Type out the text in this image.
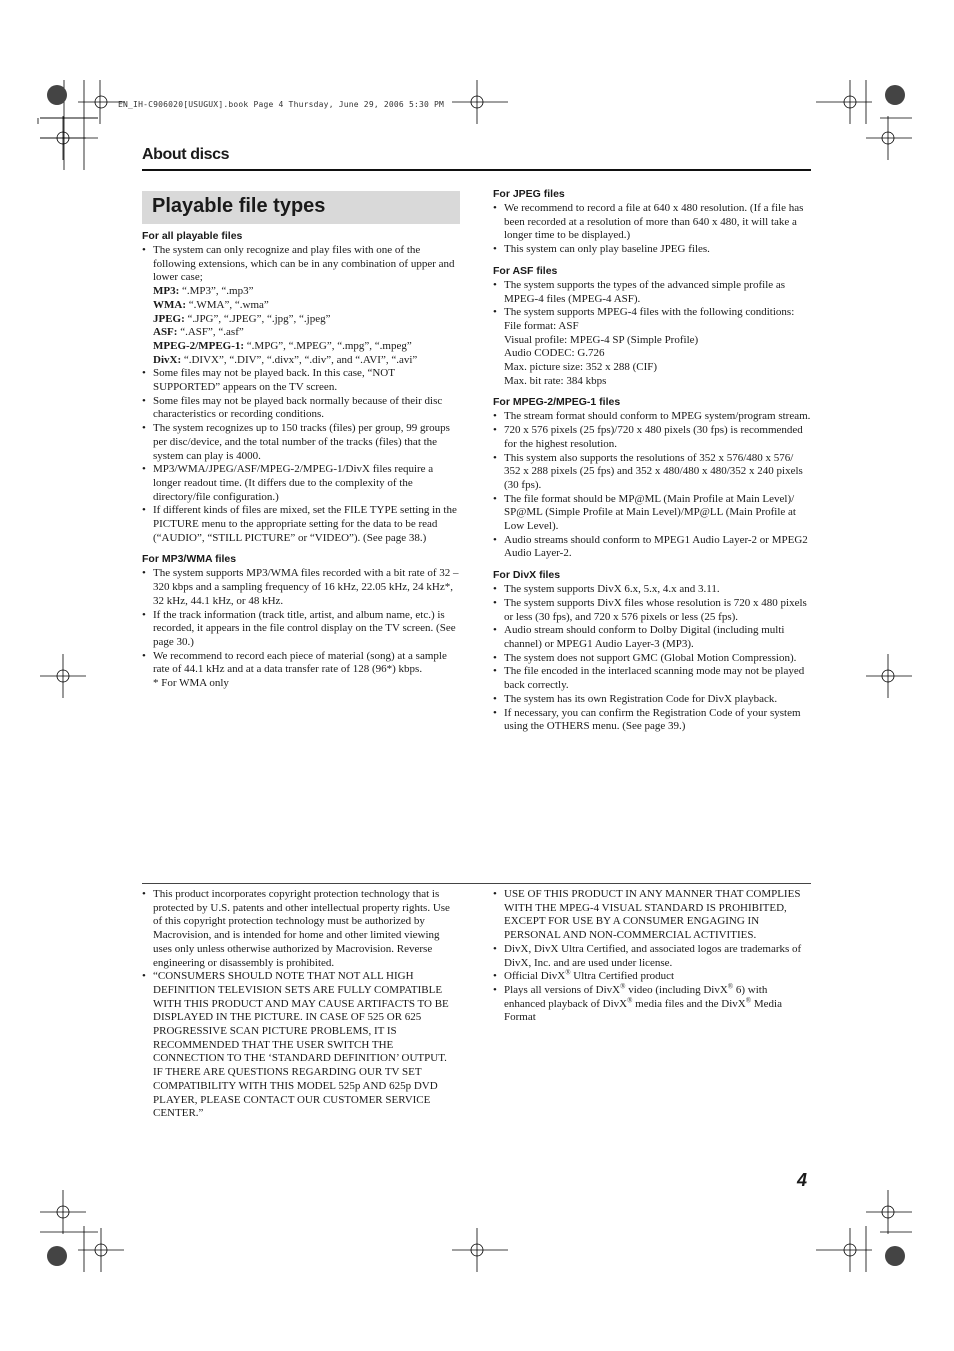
EN_IH-C906020[USUGUX].book Page 4 Thursday, June 29, 2006 5:30 PM
About discs
Playable file types
For all playable files
• The system can only recognize and play files with one of the following extensions, which can be in any combination of upper and lower case;
MP3: “.MP3”, “.mp3”
WMA: “.WMA”, “.wma”
JPEG: “.JPG”, “.JPEG”, “.jpg”, “.jpeg”
ASF: “.ASF”, “.asf”
MPEG-2/MPEG-1: “.MPG”, “.MPEG”, “.mpg”, “.mpeg”
DivX: “.DIVX”, “.DIV”, “.divx”, “.div”, and “.AVI”, “.avi”
• Some files may not be played back. In this case, “NOT SUPPORTED” appears on the TV screen.
• Some files may not be played back normally because of their disc characteristics or recording conditions.
• The system recognizes up to 150 tracks (files) per group, 99 groups per disc/device, and the total number of the tracks (files) that the system can play is 4000.
• MP3/WMA/JPEG/ASF/MPEG-2/MPEG-1/DivX files require a longer readout time. (It differs due to the complexity of the directory/file configuration.)
• If different kinds of files are mixed, set the FILE TYPE setting in the PICTURE menu to the appropriate setting for the data to be read (“AUDIO”, “STILL PICTURE” or “VIDEO”). (See page 38.)
For MP3/WMA files
• The system supports MP3/WMA files recorded with a bit rate of 32 – 320 kbps and a sampling frequency of 16 kHz, 22.05 kHz, 24 kHz*, 32 kHz, 44.1 kHz, or 48 kHz.
• If the track information (track title, artist, and album name, etc.) is recorded, it appears in the file control display on the TV screen. (See page 30.)
• We recommend to record each piece of material (song) at a sample rate of 44.1 kHz and at a data transfer rate of 128 (96*) kbps.
* For WMA only
For JPEG files
• We recommend to record a file at 640 x 480 resolution. (If a file has been recorded at a resolution of more than 640 x 480, it will take a longer time to be displayed.)
• This system can only play baseline JPEG files.
For ASF files
• The system supports the types of the advanced simple profile as MPEG-4 files (MPEG-4 ASF).
• The system supports MPEG-4 files with the following conditions:
File format: ASF
Visual profile: MPEG-4 SP (Simple Profile)
Audio CODEC: G.726
Max. picture size: 352 x 288 (CIF)
Max. bit rate: 384 kbps
For MPEG-2/MPEG-1 files
• The stream format should conform to MPEG system/program stream.
• 720 x 576 pixels (25 fps)/720 x 480 pixels (30 fps) is recommended for the highest resolution.
• This system also supports the resolutions of 352 x 576/480 x 576/ 352 x 288 pixels (25 fps) and 352 x 480/480 x 480/352 x 240 pixels (30 fps).
• The file format should be MP@ML (Main Profile at Main Level)/ SP@ML (Simple Profile at Main Level)/MP@LL (Main Profile at Low Level).
• Audio streams should conform to MPEG1 Audio Layer-2 or MPEG2 Audio Layer-2.
For DivX files
• The system supports DivX 6.x, 5.x, 4.x and 3.11.
• The system supports DivX files whose resolution is 720 x 480 pixels or less (30 fps), and 720 x 576 pixels or less (25 fps).
• Audio stream should conform to Dolby Digital (including multi channel) or MPEG1 Audio Layer-3 (MP3).
• The system does not support GMC (Global Motion Compression).
• The file encoded in the interlaced scanning mode may not be played back correctly.
• The system has its own Registration Code for DivX playback.
• If necessary, you can confirm the Registration Code of your system using the OTHERS menu. (See page 39.)
• This product incorporates copyright protection technology that is protected by U.S. patents and other intellectual property rights. Use of this copyright protection technology must be authorized by Macrovision, and is intended for home and other limited viewing uses only unless otherwise authorized by Macrovision. Reverse engineering or disassembly is prohibited.
• “CONSUMERS SHOULD NOTE THAT NOT ALL HIGH DEFINITION TELEVISION SETS ARE FULLY COMPATIBLE WITH THIS PRODUCT AND MAY CAUSE ARTIFACTS TO BE DISPLAYED IN THE PICTURE. IN CASE OF 525 OR 625 PROGRESSIVE SCAN PICTURE PROBLEMS, IT IS RECOMMENDED THAT THE USER SWITCH THE CONNECTION TO THE ‘STANDARD DEFINITION’ OUTPUT.
IF THERE ARE QUESTIONS REGARDING OUR TV SET COMPATIBILITY WITH THIS MODEL 525p AND 625p DVD PLAYER, PLEASE CONTACT OUR CUSTOMER SERVICE CENTER.”
• USE OF THIS PRODUCT IN ANY MANNER THAT COMPLIES WITH THE MPEG-4 VISUAL STANDARD IS PROHIBITED, EXCEPT FOR USE BY A CONSUMER ENGAGING IN PERSONAL AND NON-COMMERCIAL ACTIVITIES.
• DivX, DivX Ultra Certified, and associated logos are trademarks of DivX, Inc. and are used under license.
• Official DivX® Ultra Certified product
• Plays all versions of DivX® video (including DivX® 6) with enhanced playback of DivX® media files and the DivX® Media Format
4
